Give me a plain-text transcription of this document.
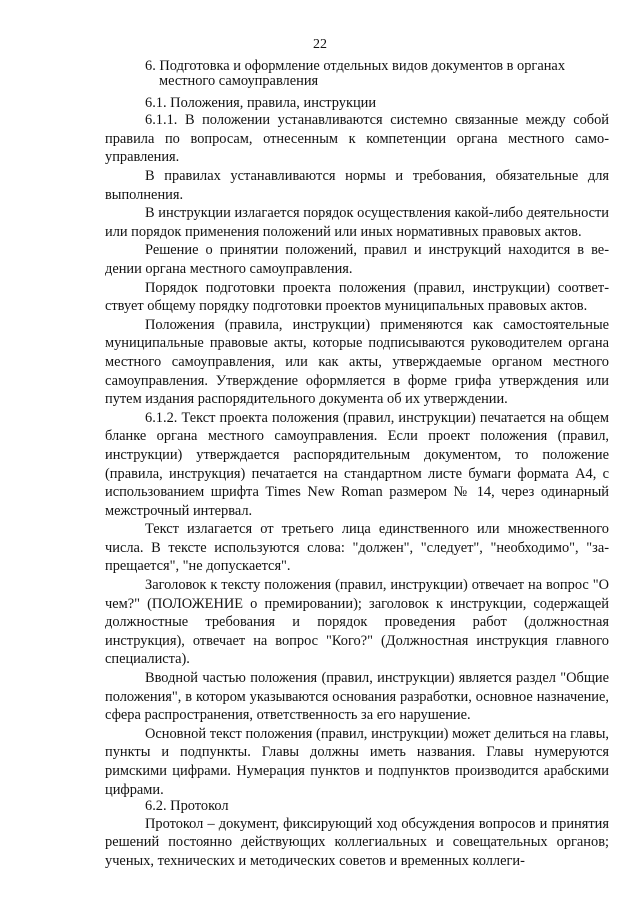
22

6. Подготовка и оформление отдельных видов документов в органах
местного самоуправления

6.1. Положения, правила, инструкции

6.1.1. В положении устанавливаются системно связанные между собой правила по вопросам, отнесенным к компетенции органа местного самоуправления.

В правилах устанавливаются нормы и требования, обязательные для выполнения.

В инструкции излагается порядок осуществления какой-либо деятельности или порядок применения положений или иных нормативных правовых актов.

Решение о принятии положений, правил и инструкций находится в ведении органа местного самоуправления.

Порядок подготовки проекта положения (правил, инструкции) соответствует общему порядку подготовки проектов муниципальных правовых актов.

Положения (правила, инструкции) применяются как самостоятельные муниципальные правовые акты, которые подписываются руководителем органа местного самоуправления, или как акты, утверждаемые органом местного самоуправления. Утверждение оформляется в форме грифа утверждения или путем издания распорядительного документа об их утверждении.

6.1.2. Текст проекта положения (правил, инструкции) печатается на общем бланке органа местного самоуправления. Если проект положения (правил, инструкции) утверждается распорядительным документом, то положение (правила, инструкция) печатается на стандартном листе бумаги формата А4, с использованием шрифта Times New Roman размером № 14, через одинарный межстрочный интервал.

Текст излагается от третьего лица единственного или множественного числа. В тексте используются слова: "должен", "следует", "необходимо", "запрещается", "не допускается".

Заголовок к тексту положения (правил, инструкции) отвечает на вопрос "О чем?" (ПОЛОЖЕНИЕ о премировании); заголовок к инструкции, содержащей должностные требования и порядок проведения работ (должностная инструкция), отвечает на вопрос "Кого?" (Должностная инструкция главного специалиста).

Вводной частью положения (правил, инструкции) является раздел "Общие положения", в котором указываются основания разработки, основное назначение, сфера распространения, ответственность за его нарушение.

Основной текст положения (правил, инструкции) может делиться на главы, пункты и подпункты. Главы должны иметь названия. Главы нумеруются римскими цифрами. Нумерация пунктов и подпунктов производится арабскими цифрами.

6.2. Протокол

Протокол – документ, фиксирующий ход обсуждения вопросов и принятия решений постоянно действующих коллегиальных и совещательных органов; ученых, технических и методических советов и временных коллеги-
